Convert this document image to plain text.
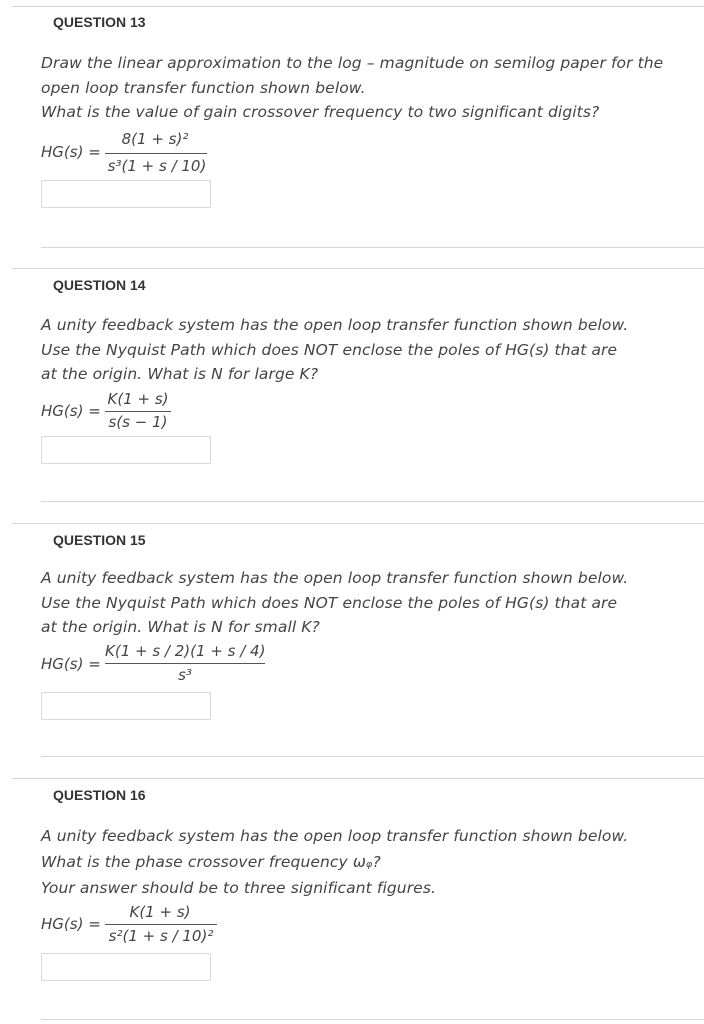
QUESTION 13
Draw the linear approximation to the log – magnitude on semilog paper for the
open loop transfer function shown below.
What is the value of gain crossover frequency to two significant digits?
HG(s) =
8(1 + s)²
s³(1 + s / 10)
QUESTION 14
A unity feedback system has the open loop transfer function shown below.
Use the Nyquist Path which does NOT enclose the poles of HG(s) that are
at the origin. What is N for large K?
HG(s) =
K(1 + s)
s(s − 1)
QUESTION 15
A unity feedback system has the open loop transfer function shown below.
Use the Nyquist Path which does NOT enclose the poles of HG(s) that are
at the origin. What is N for small K?
HG(s) =
K(1 + s / 2)(1 + s / 4)
s³
QUESTION 16
A unity feedback system has the open loop transfer function shown below.
What is the phase crossover frequency ωᵩ?
Your answer should be to three significant figures.
HG(s) =
K(1 + s)
s²(1 + s / 10)²
